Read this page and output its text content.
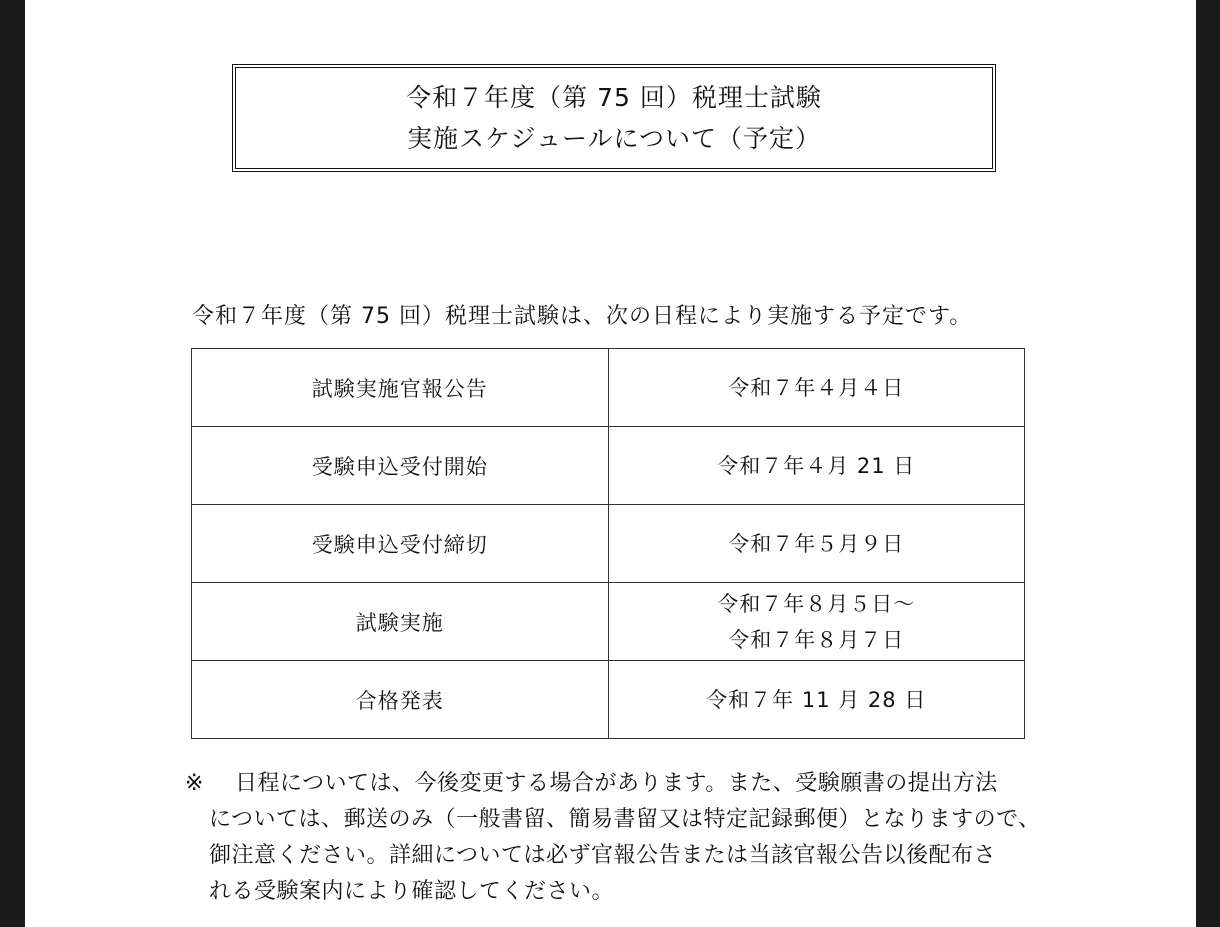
令和７年度（第 75 回）税理士試験
実施スケジュールについて（予定）
令和７年度（第 75 回）税理士試験は、次の日程により実施する予定です。
試験実施官報公告	令和７年４月４日

受験申込受付開始	令和７年４月 21 日

受験申込受付締切	令和７年５月９日

試験実施	令和７年８月５日～
令和７年８月７日

合格発表	令和７年 11 月 28 日
※	日程については、今後変更する場合があります。また、受験願書の提出方法
については、郵送のみ（一般書留、簡易書留又は特定記録郵便）となりますので、
御注意ください。詳細については必ず官報公告または当該官報公告以後配布さ
れる受験案内により確認してください。
